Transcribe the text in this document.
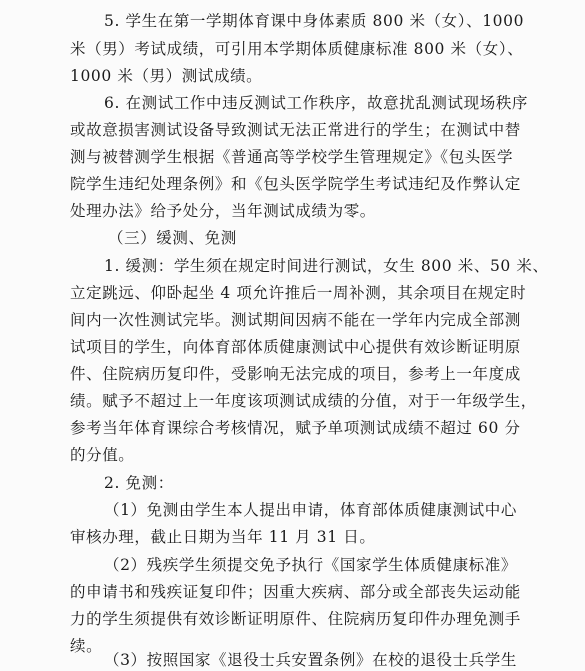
5. 学生在第一学期体育课中身体素质 800 米（女）、1000
米（男）考试成绩，可引用本学期体质健康标准 800 米（女）、
1000 米（男）测试成绩。
6. 在测试工作中违反测试工作秩序，故意扰乱测试现场秩序
或故意损害测试设备导致测试无法正常进行的学生；在测试中替
测与被替测学生根据《普通高等学校学生管理规定》《包头医学
院学生违纪处理条例》和《包头医学院学生考试违纪及作弊认定
处理办法》给予处分，当年测试成绩为零。
（三）缓测、免测
1. 缓测：学生须在规定时间进行测试，女生 800 米、50 米、
立定跳远、仰卧起坐 4 项允许推后一周补测，其余项目在规定时
间内一次性测试完毕。测试期间因病不能在一学年内完成全部测
试项目的学生，向体育部体质健康测试中心提供有效诊断证明原
件、住院病历复印件，受影响无法完成的项目，参考上一年度成
绩。赋予不超过上一年度该项测试成绩的分值，对于一年级学生，
参考当年体育课综合考核情况，赋予单项测试成绩不超过 60 分
的分值。
2. 免测：
（1）免测由学生本人提出申请，体育部体质健康测试中心
审核办理，截止日期为当年 11 月 31 日。
（2）残疾学生须提交免予执行《国家学生体质健康标准》
的申请书和残疾证复印件；因重大疾病、部分或全部丧失运动能
力的学生须提供有效诊断证明原件、住院病历复印件办理免测手
续。
（3）按照国家《退役士兵安置条例》在校的退役士兵学生
